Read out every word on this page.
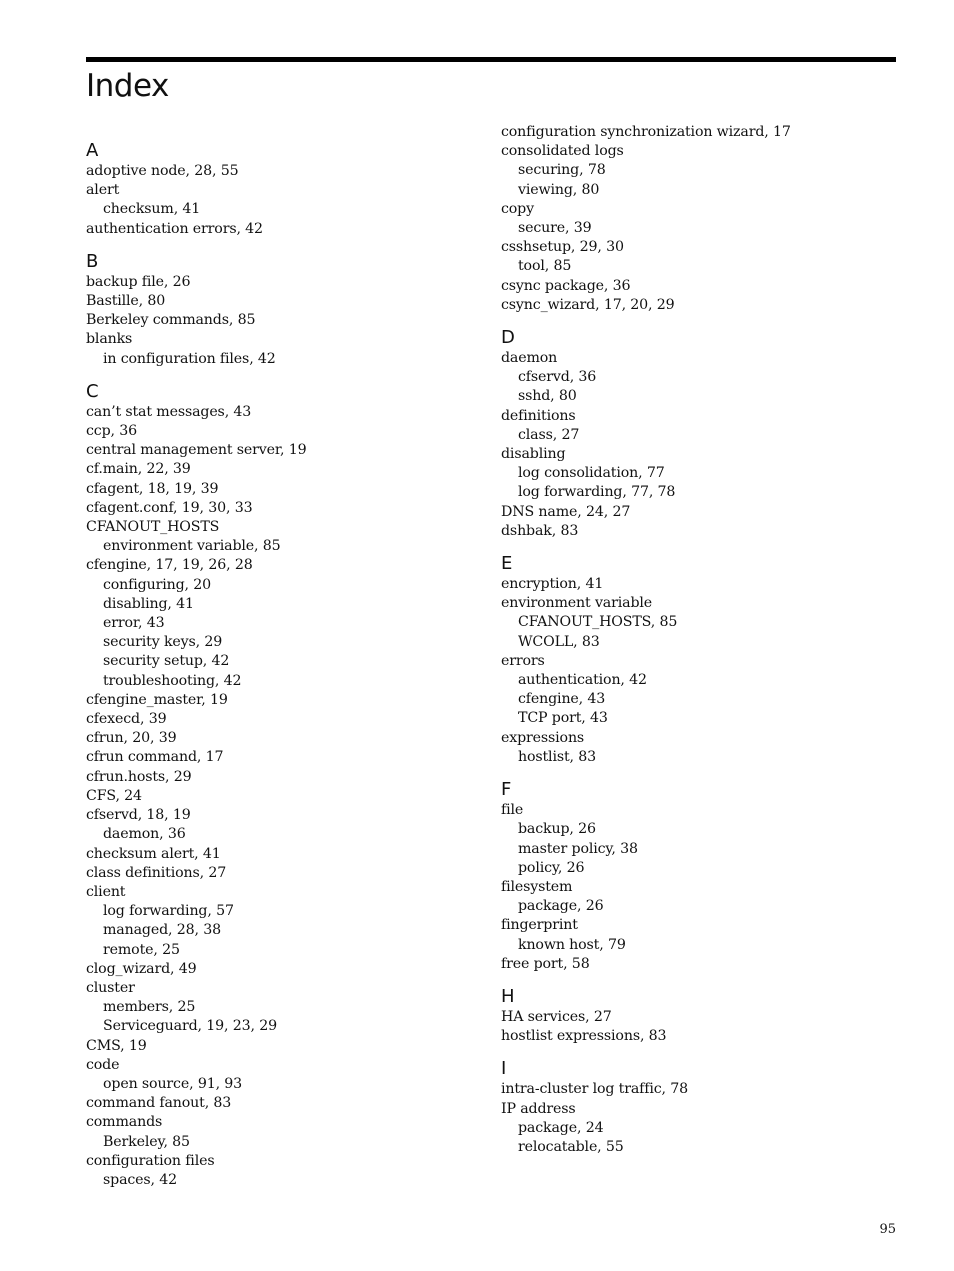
Index
A
adoptive node, 28, 55
alert
checksum, 41
authentication errors, 42
B
backup file, 26
Bastille, 80
Berkeley commands, 85
blanks
in configuration files, 42
C
can’t stat messages, 43
ccp, 36
central management server, 19
cf.main, 22, 39
cfagent, 18, 19, 39
cfagent.conf, 19, 30, 33
CFANOUT_HOSTS
environment variable, 85
cfengine, 17, 19, 26, 28
configuring, 20
disabling, 41
error, 43
security keys, 29
security setup, 42
troubleshooting, 42
cfengine_master, 19
cfexecd, 39
cfrun, 20, 39
cfrun command, 17
cfrun.hosts, 29
CFS, 24
cfservd, 18, 19
daemon, 36
checksum alert, 41
class definitions, 27
client
log forwarding, 57
managed, 28, 38
remote, 25
clog_wizard, 49
cluster
members, 25
Serviceguard, 19, 23, 29
CMS, 19
code
open source, 91, 93
command fanout, 83
commands
Berkeley, 85
configuration files
spaces, 42
configuration synchronization wizard, 17
consolidated logs
securing, 78
viewing, 80
copy
secure, 39
csshsetup, 29, 30
tool, 85
csync package, 36
csync_wizard, 17, 20, 29
D
daemon
cfservd, 36
sshd, 80
definitions
class, 27
disabling
log consolidation, 77
log forwarding, 77, 78
DNS name, 24, 27
dshbak, 83
E
encryption, 41
environment variable
CFANOUT_HOSTS, 85
WCOLL, 83
errors
authentication, 42
cfengine, 43
TCP port, 43
expressions
hostlist, 83
F
file
backup, 26
master policy, 38
policy, 26
filesystem
package, 26
fingerprint
known host, 79
free port, 58
H
HA services, 27
hostlist expressions, 83
I
intra-cluster log traffic, 78
IP address
package, 24
relocatable, 55
95
